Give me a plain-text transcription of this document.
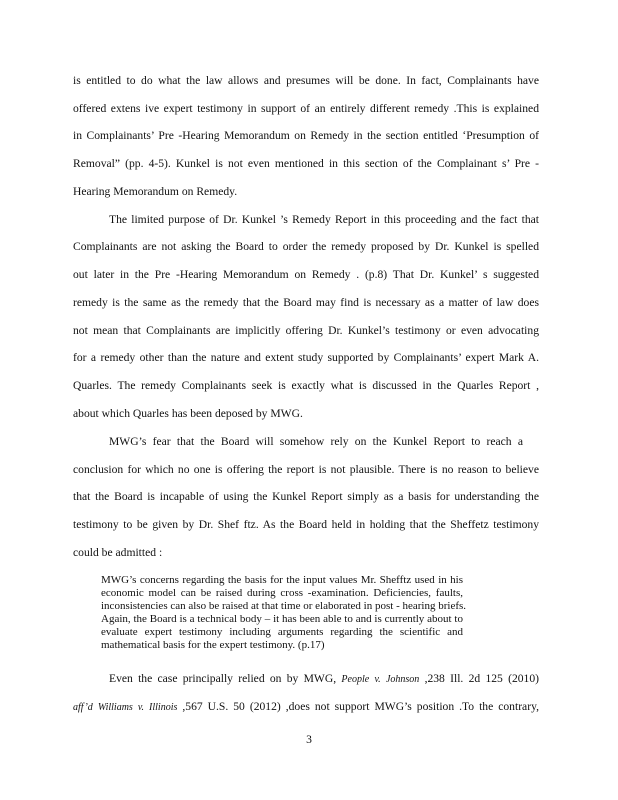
is entitled to do what the law allows and presumes will be done. In fact, Complainants have
offered extens ive expert testimony in support of an entirely different remedy .This is explained
in Complainants’ Pre -Hearing Memorandum on Remedy in the section entitled ‘Presumption of
Removal” (pp. 4-5). Kunkel is not even mentioned in this section of the Complainant s’ Pre -
Hearing Memorandum on Remedy.
The limited purpose of Dr. Kunkel ’s Remedy Report in this proceeding and the fact that
Complainants are not asking the Board to order the remedy proposed by Dr. Kunkel is spelled
out later in the Pre -Hearing Memorandum on Remedy . (p.8) That Dr. Kunkel’ s suggested
remedy is the same as the remedy that the Board may find is necessary as a matter of law does
not mean that Complainants are implicitly offering Dr. Kunkel’s testimony or even advocating
for a remedy other than the nature and extent study supported by Complainants’ expert Mark A.
Quarles. The remedy Complainants seek is exactly what is discussed in the Quarles Report ,
about which Quarles has been deposed by MWG.
MWG’s fear that the Board will somehow rely on the Kunkel Report to reach a
conclusion for which no one is offering the report is not plausible. There is no reason to believe
that the Board is incapable of using the Kunkel Report simply as a basis for understanding the
testimony to be given by Dr. Shef ftz. As the Board held in holding that the Sheffetz testimony
could be admitted :
MWG’s concerns regarding the basis for the input values Mr. Shefftz used in his
economic model can be raised during cross -examination. Deficiencies, faults,
inconsistencies can also be raised at that time or elaborated in post - hearing briefs.
Again, the Board is a technical body – it has been able to and is currently about to
evaluate expert testimony including arguments regarding the scientific and
mathematical basis for the expert testimony. (p.17)
Even the case principally relied on by MWG, People v. Johnson ,238 Ill. 2d 125 (2010)
aff’d Williams v. Illinois ,567 U.S. 50 (2012) ,does not support MWG’s position .To the contrary,
3
